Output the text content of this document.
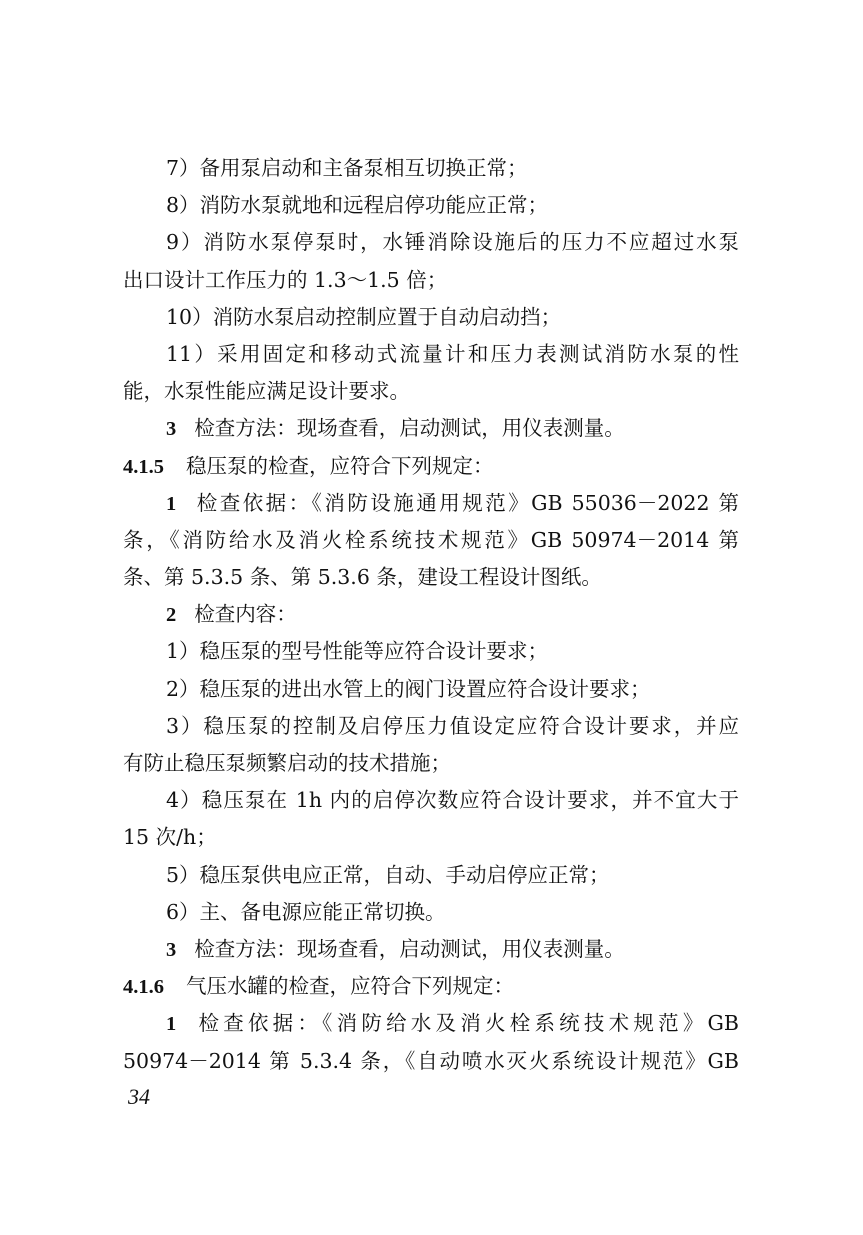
7）备用泵启动和主备泵相互切换正常；
8）消防水泵就地和远程启停功能应正常；
9）消防水泵停泵时，水锤消除设施后的压力不应超过水泵
出口设计工作压力的 1.3～1.5 倍；
10）消防水泵启动控制应置于自动启动挡；
11）采用固定和移动式流量计和压力表测试消防水泵的性
能，水泵性能应满足设计要求。
3 检查方法：现场查看，启动测试，用仪表测量。
4.1.5 稳压泵的检查，应符合下列规定：
1 检查依据：《消防设施通用规范》GB 55036－2022 第
条，《消防给水及消火栓系统技术规范》GB 50974－2014 第
条、第 5.3.5 条、第 5.3.6 条，建设工程设计图纸。
2 检查内容：
1）稳压泵的型号性能等应符合设计要求；
2）稳压泵的进出水管上的阀门设置应符合设计要求；
3）稳压泵的控制及启停压力值设定应符合设计要求，并应
有防止稳压泵频繁启动的技术措施；
4）稳压泵在 1h 内的启停次数应符合设计要求，并不宜大于
15 次/h；
5）稳压泵供电应正常，自动、手动启停应正常；
6）主、备电源应能正常切换。
3 检查方法：现场查看，启动测试，用仪表测量。
4.1.6 气压水罐的检查，应符合下列规定：
1 检查依据：《消防给水及消火栓系统技术规范》GB
50974－2014 第 5.3.4 条，《自动喷水灭火系统设计规范》GB
34
